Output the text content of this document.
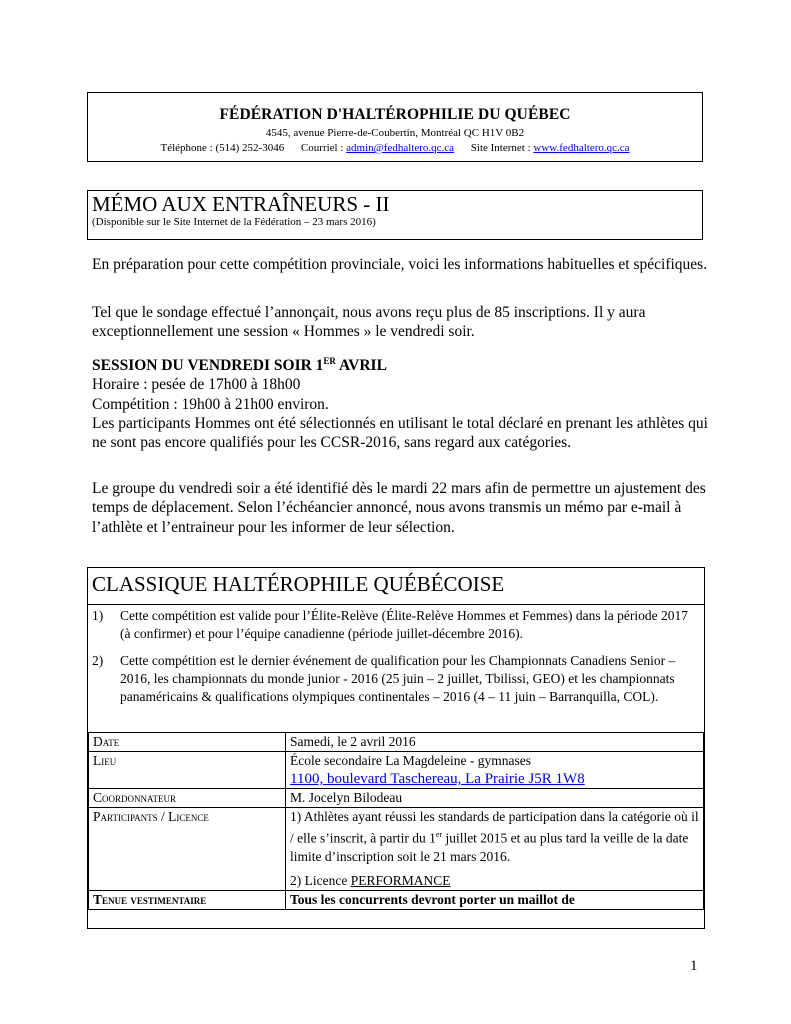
FÉDÉRATION D'HALTÉROPHILIE DU QUÉBEC
4545, avenue Pierre-de-Coubertin, Montréal QC H1V 0B2
Téléphone : (514) 252-3046 Courriel : admin@fedhaltero.qc.ca Site Internet : www.fedhaltero.qc.ca
MÉMO AUX ENTRAÎNEURS - II
(Disponible sur le Site Internet de la Fédération – 23 mars 2016)

En préparation pour cette compétition provinciale, voici les informations habituelles et spécifiques.

Tel que le sondage effectué l’annonçait, nous avons reçu plus de 85 inscriptions. Il y aura exceptionnellement une session « Hommes » le vendredi soir.

SESSION DU VENDREDI SOIR 1ER AVRIL

Horaire : pesée de 17h00 à 18h00

Compétition : 19h00 à 21h00 environ.

Les participants Hommes ont été sélectionnés en utilisant le total déclaré en prenant les athlètes qui ne sont pas encore qualifiés pour les CCSR-2016, sans regard aux catégories.

Le groupe du vendredi soir a été identifié dès le mardi 22 mars afin de permettre un ajustement des temps de déplacement. Selon l’échéancier annoncé, nous avons transmis un mémo par e-mail à l’athlète et l’entraineur pour les informer de leur sélection.

CLASSIQUE HALTÉROPHILE QUÉBÉCOISE
1)	Cette compétition est valide pour l’Élite-Relève (Élite-Relève Hommes et Femmes) dans la période 2017 (à confirmer) et pour l’équipe canadienne (période juillet-décembre 2016).
2)	Cette compétition est le dernier événement de qualification pour les Championnats Canadiens Senior – 2016, les championnats du monde junior - 2016 (25 juin – 2 juillet, Tbilissi, GEO) et les championnats panaméricains & qualifications olympiques continentales – 2016 (4 – 11 juin – Barranquilla, COL).
Date	Samedi, le 2 avril 2016
Lieu	École secondaire La Magdeleine - gymnases
1100, boulevard Taschereau, La Prairie J5R 1W8

Coordonnateur	M. Jocelyn Bilodeau
Participants / Licence	1) Athlètes ayant réussi les standards de participation dans la catégorie où il / elle s’inscrit, à partir du 1er juillet 2015 et au plus tard la veille de la date limite d’inscription soit le 21 mars 2016.
2) Licence PERFORMANCE

Tenue vestimentaire	Tous les concurrents devront porter un maillot de
1
